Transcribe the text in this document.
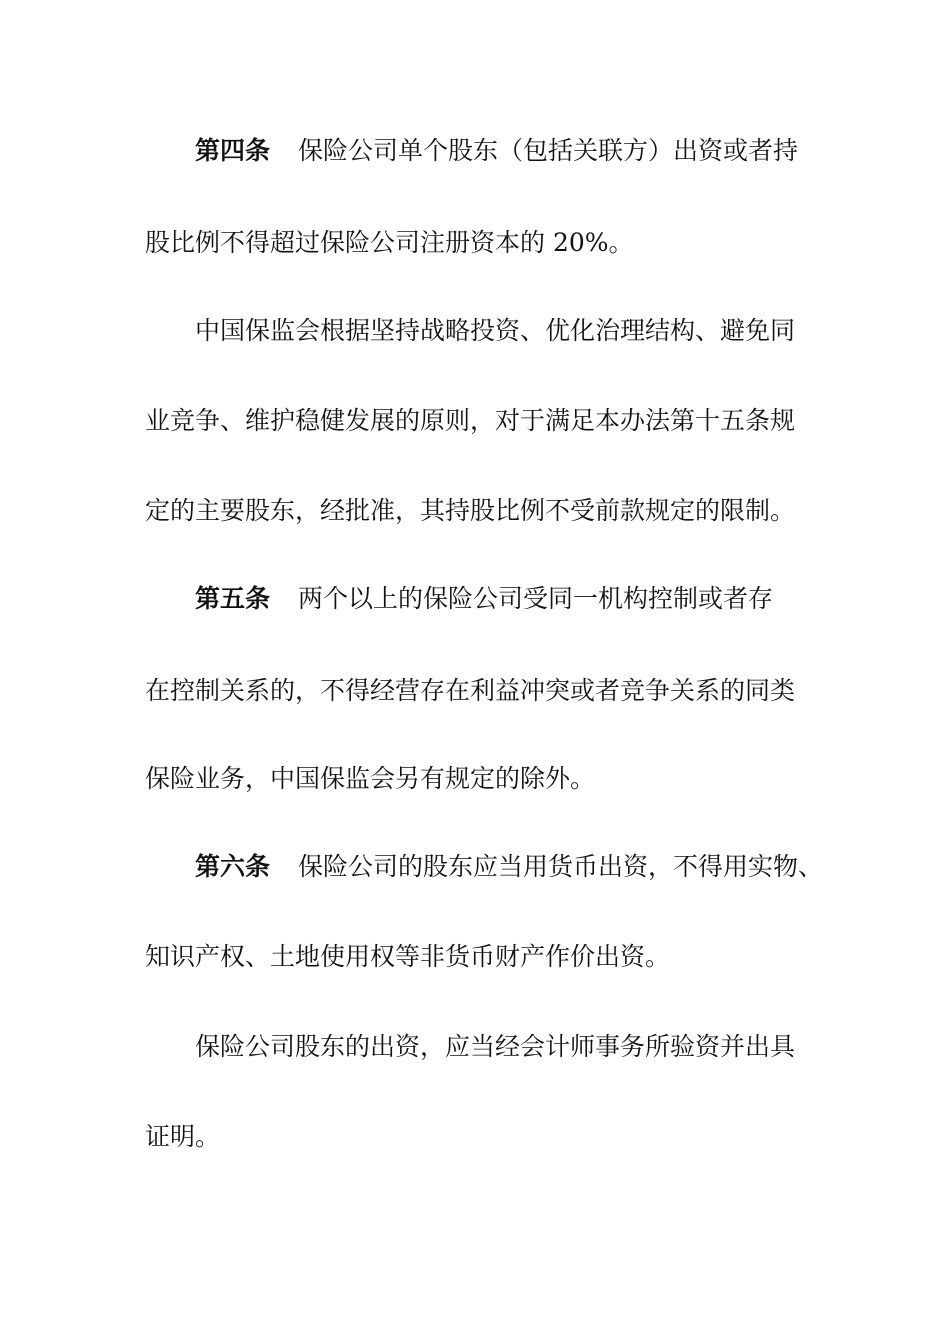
第四条 保险公司单个股东（包括关联方）出资或者持
股比例不得超过保险公司注册资本的 20%。
中国保监会根据坚持战略投资、优化治理结构、避免同
业竞争、维护稳健发展的原则，对于满足本办法第十五条规
定的主要股东，经批准，其持股比例不受前款规定的限制。
第五条 两个以上的保险公司受同一机构控制或者存
在控制关系的，不得经营存在利益冲突或者竞争关系的同类
保险业务，中国保监会另有规定的除外。
第六条 保险公司的股东应当用货币出资，不得用实物、
知识产权、土地使用权等非货币财产作价出资。
保险公司股东的出资，应当经会计师事务所验资并出具
证明。
